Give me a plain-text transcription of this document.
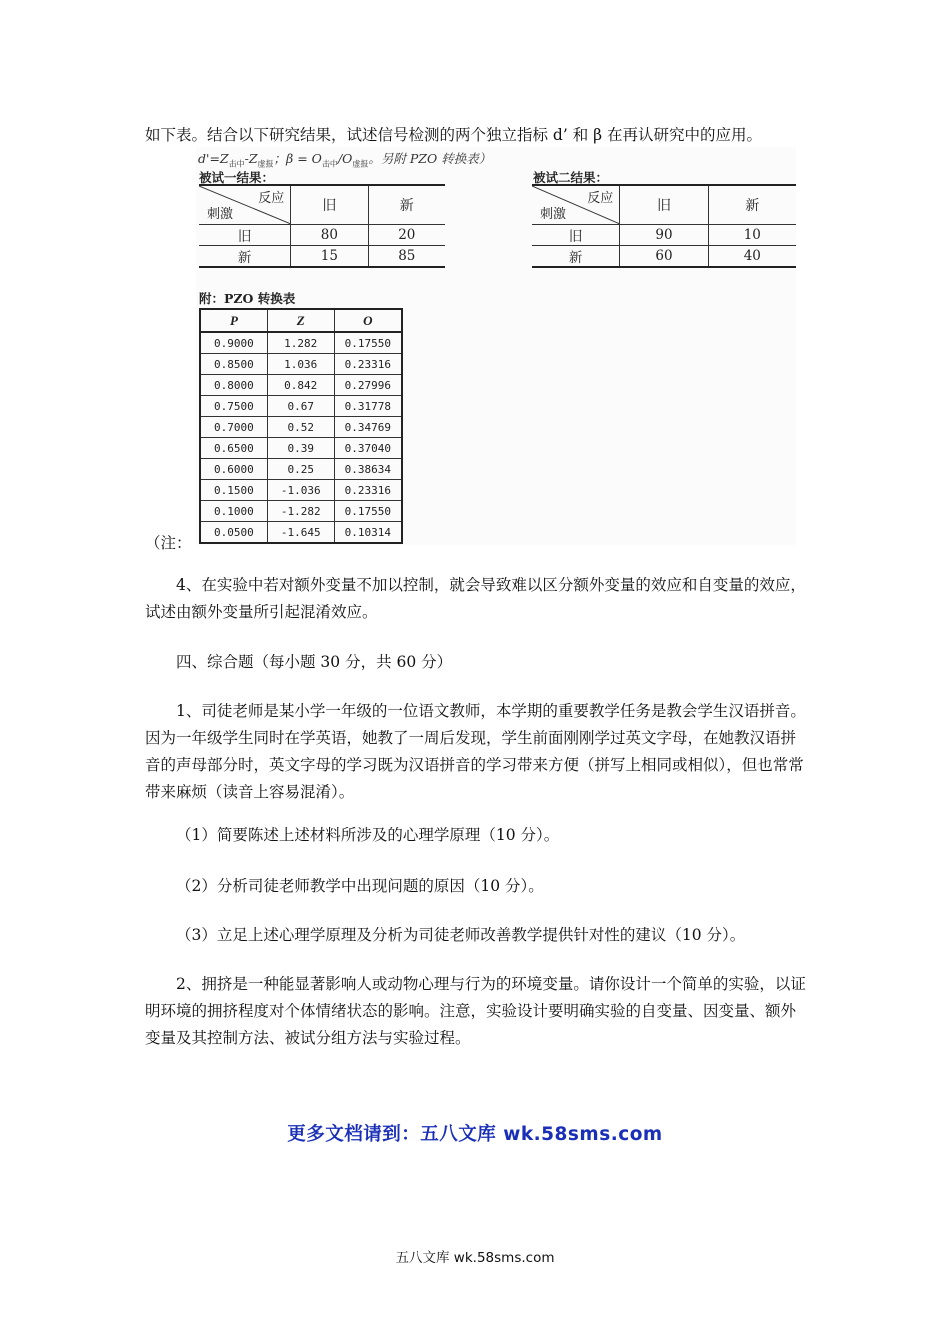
如下表。结合以下研究结果，试述信号检测的两个独立指标 d’ 和 β 在再认研究中的应用。
$d'=Z_{击中}-Z_{虚报}$；$\beta = O_{击中}/O_{虚报}$。另附 PZO 转换表）
被试一结果：
反应
刺激	旧	新
旧	80	20
新	15	85
被试二结果：
反应
刺激	旧	新
旧	90	10
新	60	40
附：PZO 转换表
P	Z	O
0.9000	1.282	0.17550
0.8500	1.036	0.23316
0.8000	0.842	0.27996
0.7500	0.67	0.31778
0.7000	0.52	0.34769
0.6500	0.39	0.37040
0.6000	0.25	0.38634
0.1500	-1.036	0.23316
0.1000	-1.282	0.17550
0.0500	-1.645	0.10314
（注：

4、在实验中若对额外变量不加以控制，就会导致难以区分额外变量的效应和自变量的效应，试述由额外变量所引起混淆效应。

四、综合题（每小题 30 分，共 60 分）

1、司徒老师是某小学一年级的一位语文教师，本学期的重要教学任务是教会学生汉语拼音。因为一年级学生同时在学英语，她教了一周后发现，学生前面刚刚学过英文字母，在她教汉语拼音的声母部分时，英文字母的学习既为汉语拼音的学习带来方便（拼写上相同或相似），但也常常带来麻烦（读音上容易混淆）。

（1）简要陈述上述材料所涉及的心理学原理（10 分）。

（2）分析司徒老师教学中出现问题的原因（10 分）。

（3）立足上述心理学原理及分析为司徒老师改善教学提供针对性的建议（10 分）。

2、拥挤是一种能显著影响人或动物心理与行为的环境变量。请你设计一个简单的实验，以证明环境的拥挤程度对个体情绪状态的影响。注意，实验设计要明确实验的自变量、因变量、额外变量及其控制方法、被试分组方法与实验过程。

更多文档请到：五八文库 wk.58sms.com
五八文库 wk.58sms.com
